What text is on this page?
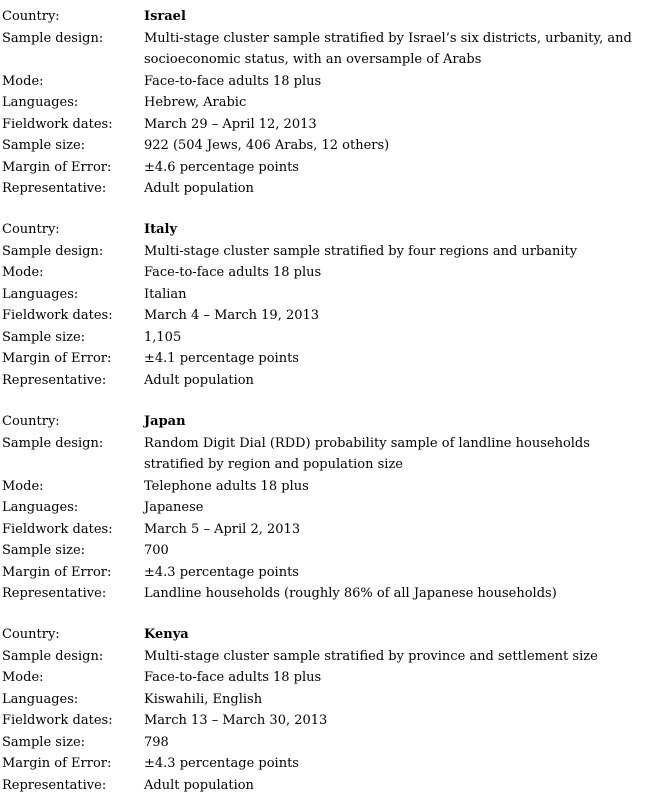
Country:	Israel
Sample design:	Multi-stage cluster sample stratified by Israel’s six districts, urbanity, and socioeconomic status, with an oversample of Arabs
Mode:	Face-to-face adults 18 plus
Languages:	Hebrew, Arabic
Fieldwork dates:	March 29 – April 12, 2013
Sample size:	922 (504 Jews, 406 Arabs, 12 others)
Margin of Error:	±4.6 percentage points
Representative:	Adult population
Country:	Italy
Sample design:	Multi-stage cluster sample stratified by four regions and urbanity
Mode:	Face-to-face adults 18 plus
Languages:	Italian
Fieldwork dates:	March 4 – March 19, 2013
Sample size:	1,105
Margin of Error:	±4.1 percentage points
Representative:	Adult population
Country:	Japan
Sample design:	Random Digit Dial (RDD) probability sample of landline households stratified by region and population size
Mode:	Telephone adults 18 plus
Languages:	Japanese
Fieldwork dates:	March 5 – April 2, 2013
Sample size:	700
Margin of Error:	±4.3 percentage points
Representative:	Landline households (roughly 86% of all Japanese households)
Country:	Kenya
Sample design:	Multi-stage cluster sample stratified by province and settlement size
Mode:	Face-to-face adults 18 plus
Languages:	Kiswahili, English
Fieldwork dates:	March 13 – March 30, 2013
Sample size:	798
Margin of Error:	±4.3 percentage points
Representative:	Adult population
